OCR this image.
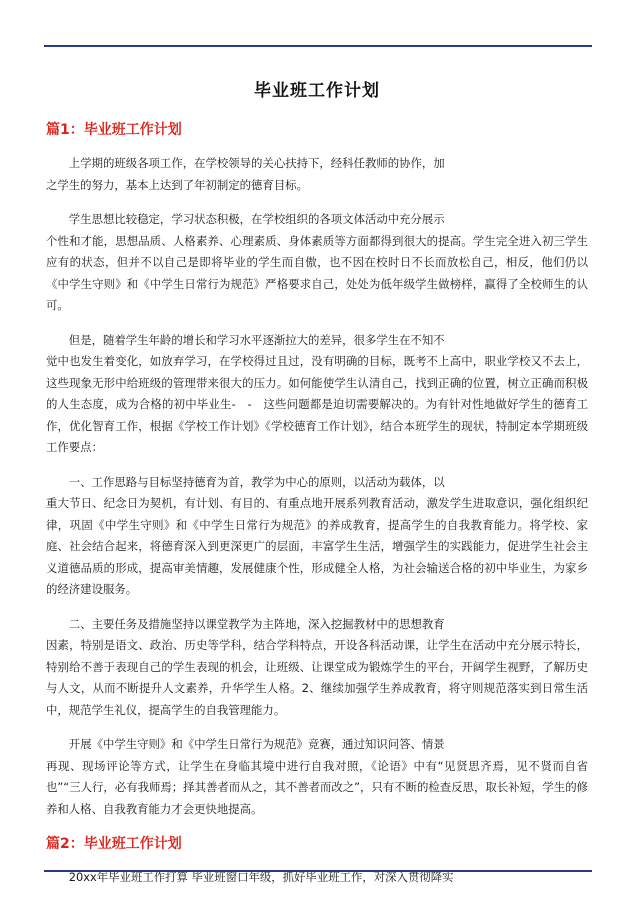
毕业班工作计划
篇1：毕业班工作计划

上学期的班级各项工作，在学校领导的关心扶持下，经科任教师的协作，加
之学生的努力，基本上达到了年初制定的德育目标。

学生思想比较稳定，学习状态积极，在学校组织的各项文体活动中充分展示
个性和才能，思想品质、人格素养、心理素质、身体素质等方面都得到很大的提高。学生完全进入初三学生应有的状态，但并不以自己是即将毕业的学生而自傲，也不因在校时日不长而放松自己，相反，他们仍以《中学生守则》和《中学生日常行为规范》严格要求自己，处处为低年级学生做榜样，赢得了全校师生的认可。

但是，随着学生年龄的增长和学习水平逐渐拉大的差异，很多学生在不知不
觉中也发生着变化，如放弃学习，在学校得过且过，没有明确的目标，既考不上高中，职业学校又不去上，这些现象无形中给班级的管理带来很大的压力。如何能使学生认清自己，找到正确的位置，树立正确而积极的人生态度，成为合格的初中毕业生-　-　这些问题都是迫切需要解决的。为有针对性地做好学生的德育工作，优化智育工作，根据《学校工作计划》《学校德育工作计划》，结合本班学生的现状，特制定本学期班级工作要点：

一、工作思路与目标坚持德育为首，教学为中心的原则，以活动为载体，以
重大节日、纪念日为契机，有计划、有目的、有重点地开展系列教育活动，激发学生进取意识，强化组织纪律，巩固《中学生守则》和《中学生日常行为规范》的养成教育，提高学生的自我教育能力。将学校、家庭、社会结合起来，将德育深入到更深更广的层面，丰富学生生活，增强学生的实践能力，促进学生社会主义道德品质的形成，提高审美情趣，发展健康个性，形成健全人格，为社会输送合格的初中毕业生，为家乡的经济建设服务。

二、主要任务及措施坚持以课堂教学为主阵地，深入挖掘教材中的思想教育
因素，特别是语文、政治、历史等学科，结合学科特点，开设各科活动课，让学生在活动中充分展示特长，特别给不善于表现自己的学生表现的机会，让班级、让课堂成为锻炼学生的平台，开阔学生视野，了解历史与人文，从而不断提升人文素养，升华学生人格。2、继续加强学生养成教育，将守则规范落实到日常生活中，规范学生礼仪，提高学生的自我管理能力。

开展《中学生守则》和《中学生日常行为规范》竞赛，通过知识问答、情景
再现、现场评论等方式，让学生在身临其境中进行自我对照，《论语》中有“见贤思齐焉，见不贤而自省也”“三人行，必有我师焉；择其善者而从之，其不善者而改之”，只有不断的检查反思，取长补短，学生的修养和人格、自我教育能力才会更快地提高。

篇2：毕业班工作计划

20xx年毕业班工作打算 毕业班窗口年级，抓好毕业班工作，对深入贯彻降实
